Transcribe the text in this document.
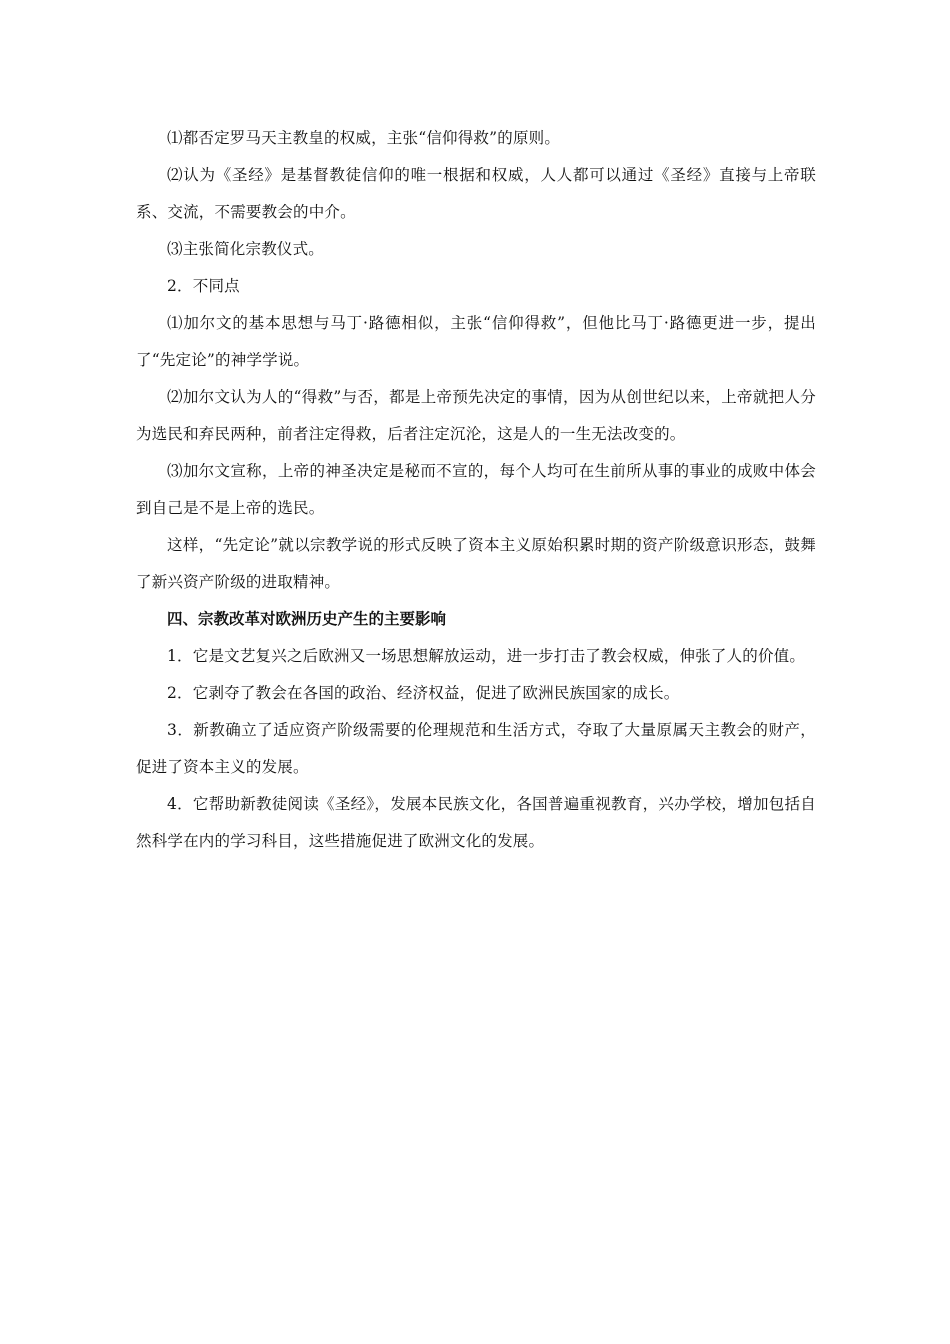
⑴都否定罗马天主教皇的权威，主张“信仰得救”的原则。

⑵认为《圣经》是基督教徒信仰的唯一根据和权威，人人都可以通过《圣经》直接与上帝联系、交流，不需要教会的中介。

⑶主张简化宗教仪式。

2．不同点

⑴加尔文的基本思想与马丁·路德相似，主张“信仰得救”，但他比马丁·路德更进一步，提出了“先定论”的神学学说。

⑵加尔文认为人的“得救”与否，都是上帝预先决定的事情，因为从创世纪以来，上帝就把人分为选民和弃民两种，前者注定得救，后者注定沉沦，这是人的一生无法改变的。

⑶加尔文宣称，上帝的神圣决定是秘而不宣的，每个人均可在生前所从事的事业的成败中体会到自己是不是上帝的选民。

这样，“先定论”就以宗教学说的形式反映了资本主义原始积累时期的资产阶级意识形态，鼓舞了新兴资产阶级的进取精神。

四、宗教改革对欧洲历史产生的主要影响

1．它是文艺复兴之后欧洲又一场思想解放运动，进一步打击了教会权威，伸张了人的价值。

2．它剥夺了教会在各国的政治、经济权益，促进了欧洲民族国家的成长。

3．新教确立了适应资产阶级需要的伦理规范和生活方式，夺取了大量原属天主教会的财产，促进了资本主义的发展。

4．它帮助新教徒阅读《圣经》，发展本民族文化，各国普遍重视教育，兴办学校，增加包括自然科学在内的学习科目，这些措施促进了欧洲文化的发展。
